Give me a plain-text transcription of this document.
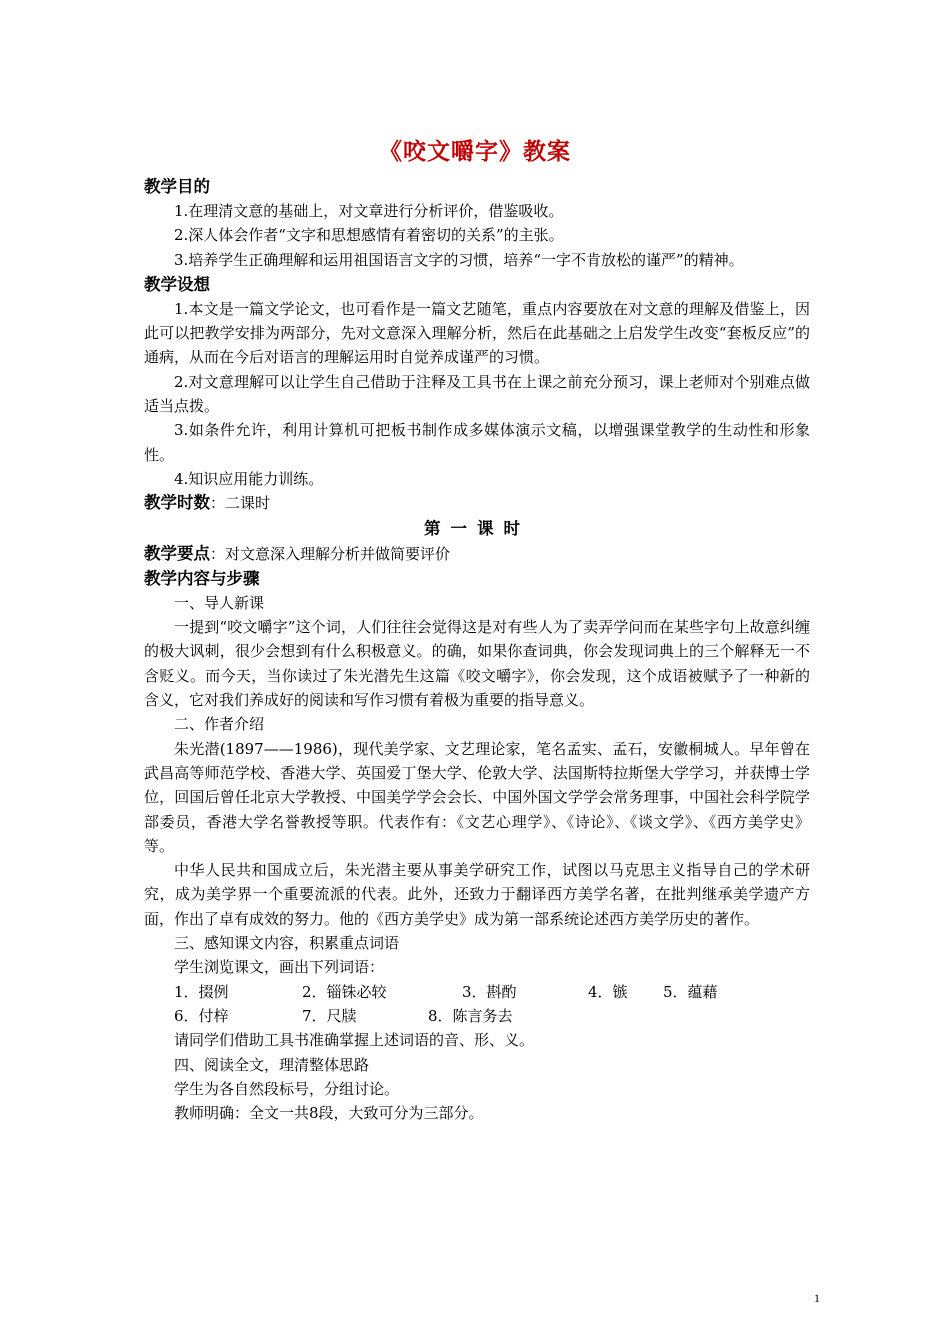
《咬文嚼字》教案
教学目的
1.在理清文意的基础上，对文章进行分析评价，借鉴吸收。
2.深人体会作者“文字和思想感情有着密切的关系”的主张。
3.培养学生正确理解和运用祖国语言文字的习惯，培养“一字不肯放松的谨严”的精神。
教学设想
1.本文是一篇文学论文，也可看作是一篇文艺随笔，重点内容要放在对文意的理解及借鉴上，因此可以把教学安排为两部分，先对文意深入理解分析，然后在此基础之上启发学生改变“套板反应”的通病，从而在今后对语言的理解运用时自觉养成谨严的习惯。
2.对文意理解可以让学生自己借助于注释及工具书在上课之前充分预习，课上老师对个别难点做适当点拨。
3.如条件允许，利用计算机可把板书制作成多媒体演示文稿，以增强课堂教学的生动性和形象性。
4.知识应用能力训练。
教学时数：二课时
第一课时
教学要点：对文意深入理解分析并做简要评价
教学内容与步骤
一、导人新课
一提到“咬文嚼字”这个词，人们往往会觉得这是对有些人为了卖弄学问而在某些字句上故意纠缠的极大讽刺，很少会想到有什么积极意义。的确，如果你查词典，你会发现词典上的三个解释无一不含贬义。而今天，当你读过了朱光潜先生这篇《咬文嚼字》，你会发现，这个成语被赋予了一种新的含义，它对我们养成好的阅读和写作习惯有着极为重要的指导意义。
二、作者介绍
朱光潜(1897——1986)，现代美学家、文艺理论家，笔名孟实、孟石，安徽桐城人。早年曾在武昌高等师范学校、香港大学、英国爱丁堡大学、伦敦大学、法国斯特拉斯堡大学学习，并获博士学位，回国后曾任北京大学教授、中国美学学会会长、中国外国文学学会常务理事，中国社会科学院学部委员，香港大学名誉教授等职。代表作有：《文艺心理学》、《诗论》、《谈文学》、《西方美学史》等。
中华人民共和国成立后，朱光潜主要从事美学研究工作，试图以马克思主义指导自己的学术研究，成为美学界一个重要流派的代表。此外，还致力于翻译西方美学名著，在批判继承美学遗产方面，作出了卓有成效的努力。他的《西方美学史》成为第一部系统论述西方美学历史的著作。
三、感知课文内容，积累重点词语
学生浏览课文，画出下列词语：
1．掇例	2．锱铢必较	3．斟酌	4．镞	5．蕴藉
6．付梓	7．尺牍	8．陈言务去
请同学们借助工具书准确掌握上述词语的音、形、义。
四、阅读全文，理清整体思路
学生为各自然段标号，分组讨论。
教师明确：全文一共8段，大致可分为三部分。
1
